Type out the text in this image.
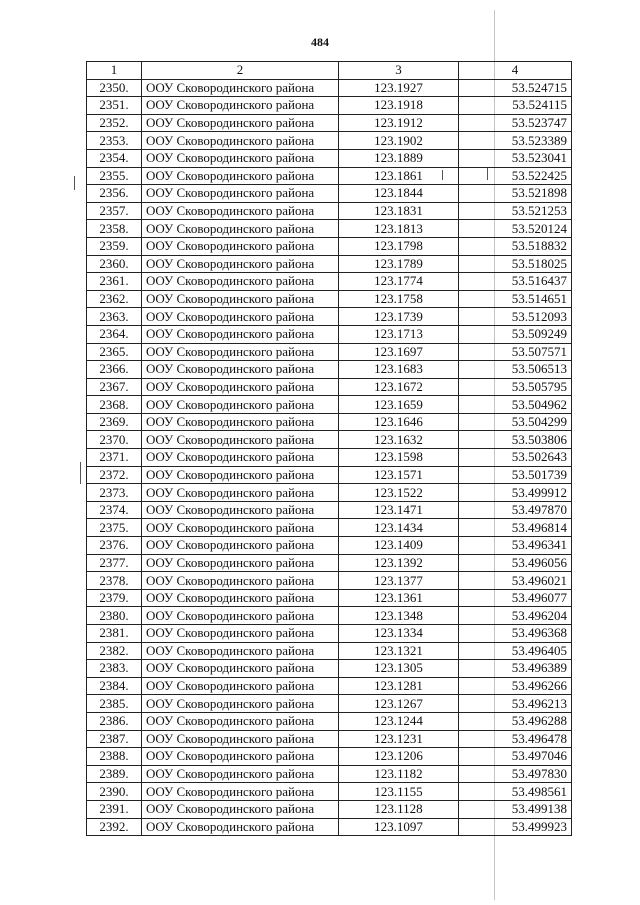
484
1	2	3	4
2350.	ООУ Сковородинского района	123.1927	53.524715
2351.	ООУ Сковородинского района	123.1918	53.524115
2352.	ООУ Сковородинского района	123.1912	53.523747
2353.	ООУ Сковородинского района	123.1902	53.523389
2354.	ООУ Сковородинского района	123.1889	53.523041
2355.	ООУ Сковородинского района	123.1861	53.522425
2356.	ООУ Сковородинского района	123.1844	53.521898
2357.	ООУ Сковородинского района	123.1831	53.521253
2358.	ООУ Сковородинского района	123.1813	53.520124
2359.	ООУ Сковородинского района	123.1798	53.518832
2360.	ООУ Сковородинского района	123.1789	53.518025
2361.	ООУ Сковородинского района	123.1774	53.516437
2362.	ООУ Сковородинского района	123.1758	53.514651
2363.	ООУ Сковородинского района	123.1739	53.512093
2364.	ООУ Сковородинского района	123.1713	53.509249
2365.	ООУ Сковородинского района	123.1697	53.507571
2366.	ООУ Сковородинского района	123.1683	53.506513
2367.	ООУ Сковородинского района	123.1672	53.505795
2368.	ООУ Сковородинского района	123.1659	53.504962
2369.	ООУ Сковородинского района	123.1646	53.504299
2370.	ООУ Сковородинского района	123.1632	53.503806
2371.	ООУ Сковородинского района	123.1598	53.502643
2372.	ООУ Сковородинского района	123.1571	53.501739
2373.	ООУ Сковородинского района	123.1522	53.499912
2374.	ООУ Сковородинского района	123.1471	53.497870
2375.	ООУ Сковородинского района	123.1434	53.496814
2376.	ООУ Сковородинского района	123.1409	53.496341
2377.	ООУ Сковородинского района	123.1392	53.496056
2378.	ООУ Сковородинского района	123.1377	53.496021
2379.	ООУ Сковородинского района	123.1361	53.496077
2380.	ООУ Сковородинского района	123.1348	53.496204
2381.	ООУ Сковородинского района	123.1334	53.496368
2382.	ООУ Сковородинского района	123.1321	53.496405
2383.	ООУ Сковородинского района	123.1305	53.496389
2384.	ООУ Сковородинского района	123.1281	53.496266
2385.	ООУ Сковородинского района	123.1267	53.496213
2386.	ООУ Сковородинского района	123.1244	53.496288
2387.	ООУ Сковородинского района	123.1231	53.496478
2388.	ООУ Сковородинского района	123.1206	53.497046
2389.	ООУ Сковородинского района	123.1182	53.497830
2390.	ООУ Сковородинского района	123.1155	53.498561
2391.	ООУ Сковородинского района	123.1128	53.499138
2392.	ООУ Сковородинского района	123.1097	53.499923
